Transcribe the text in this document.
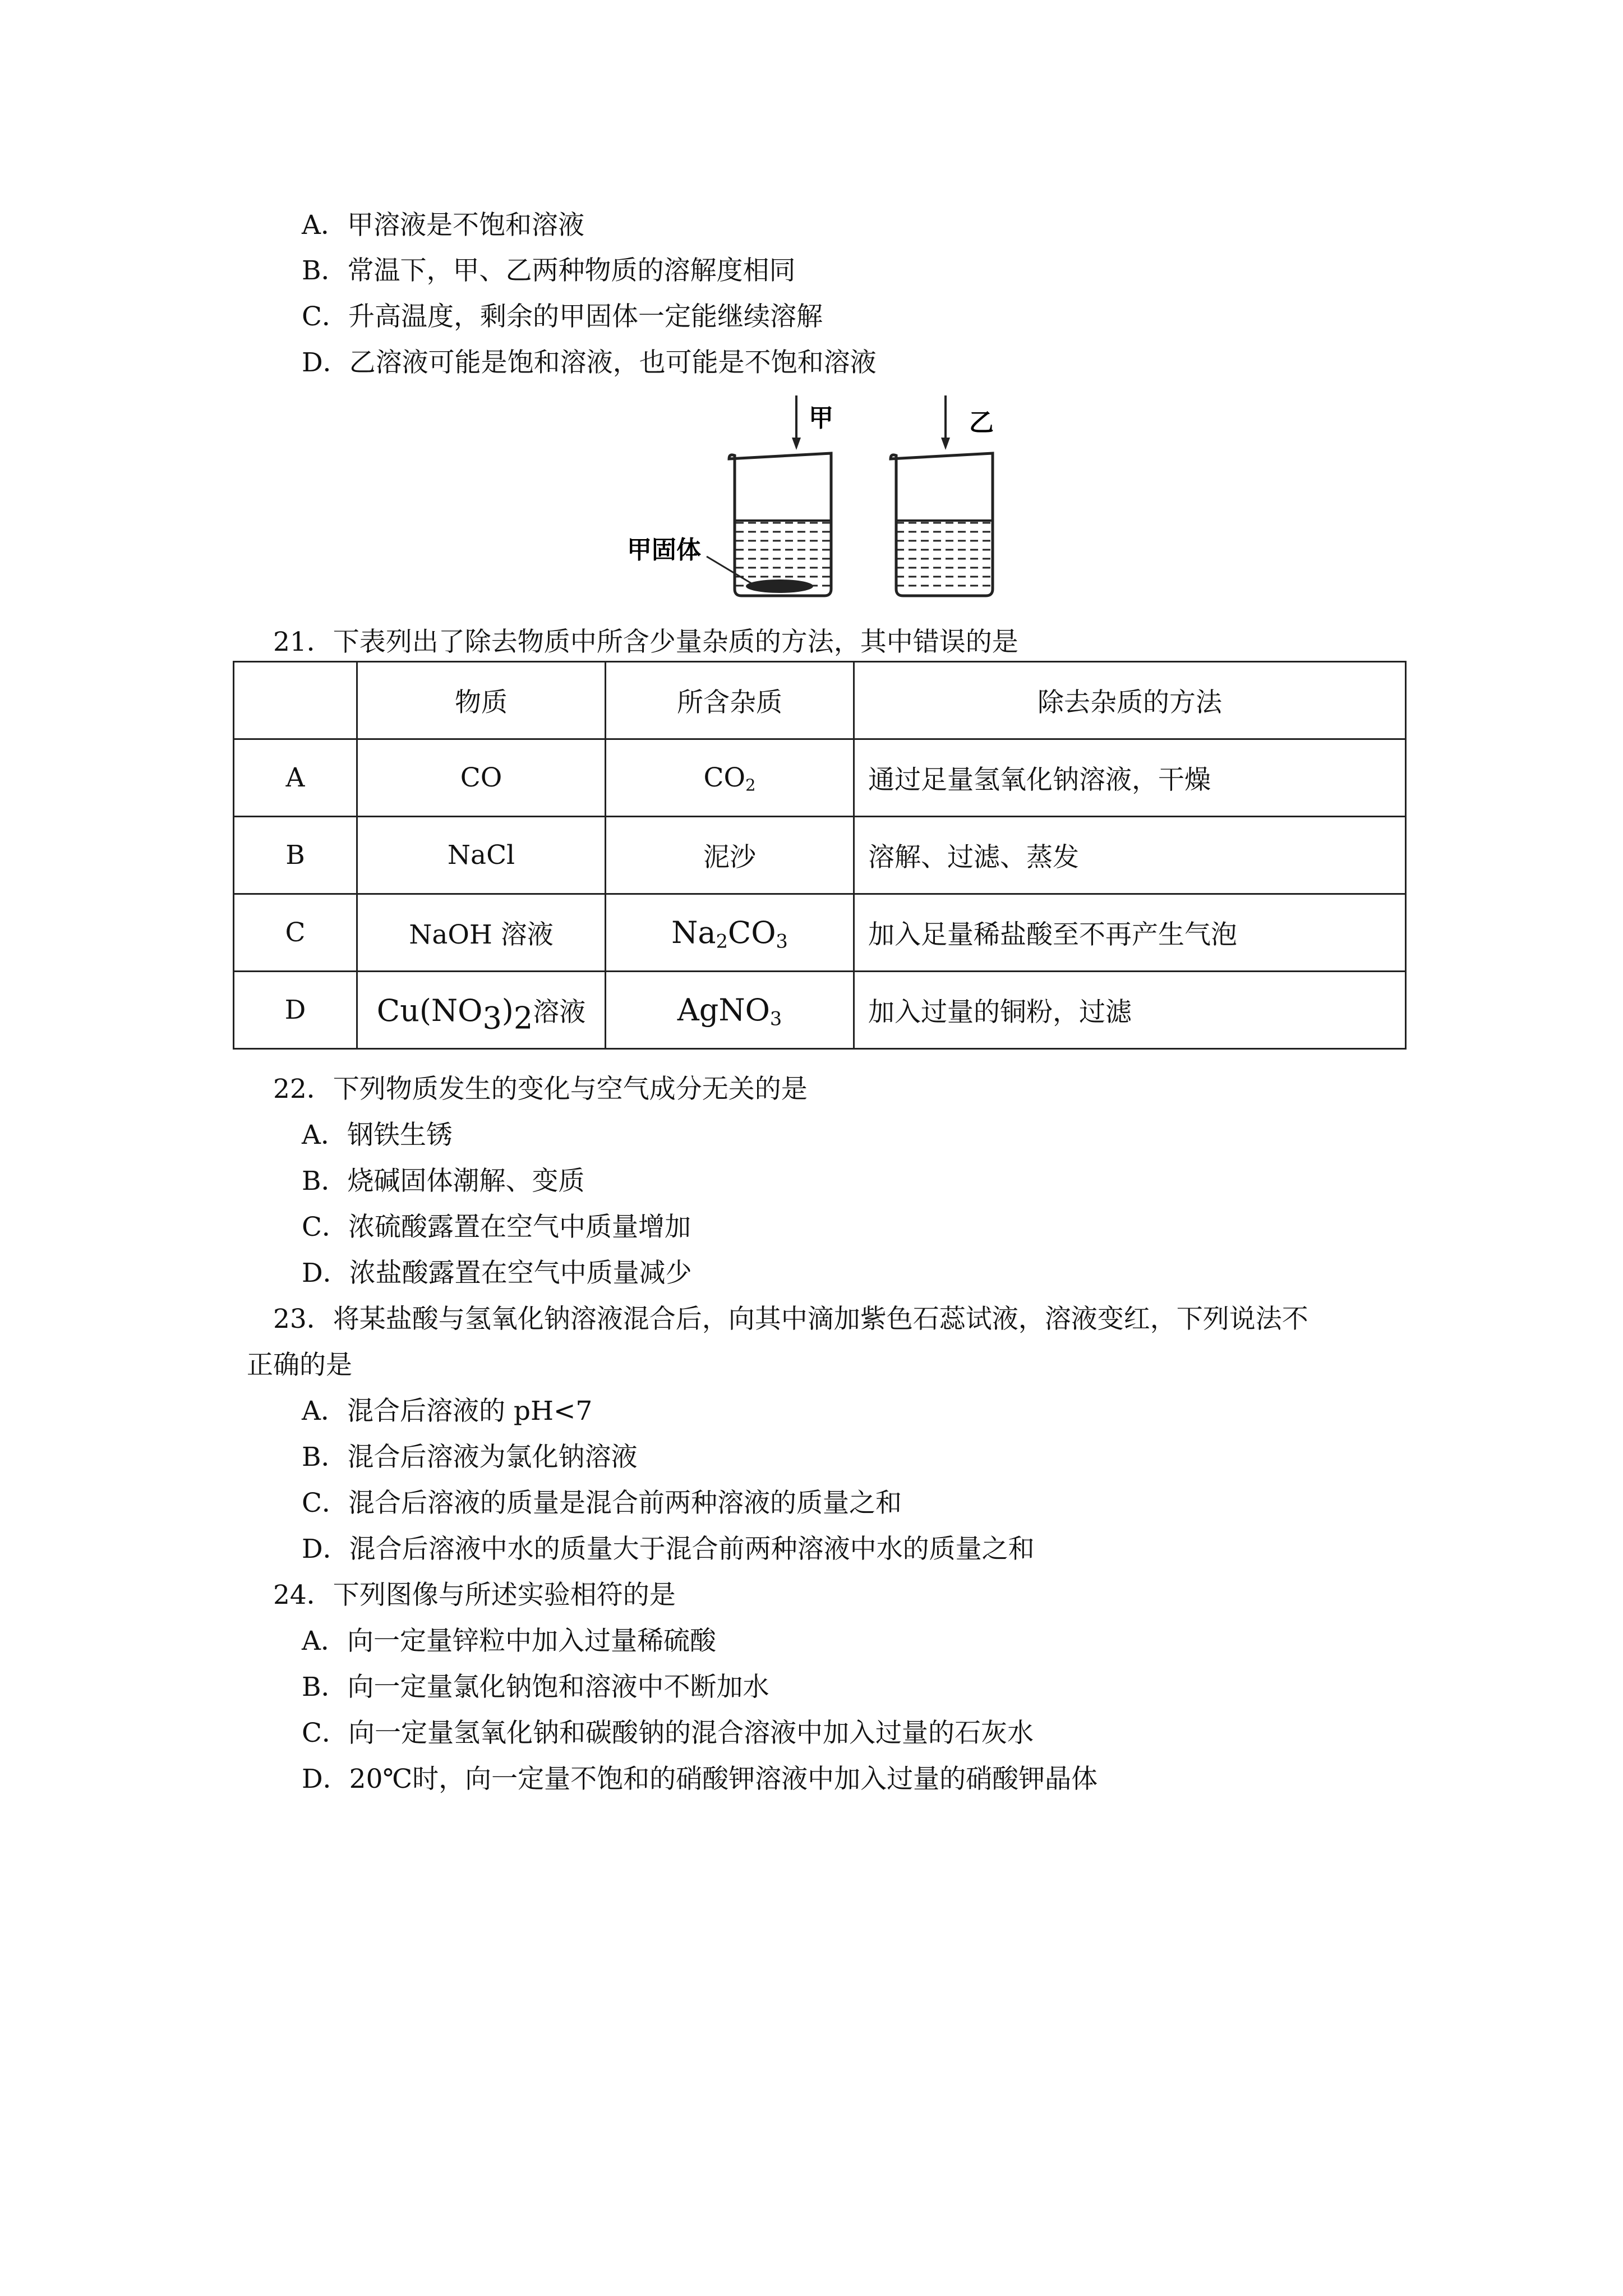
A．甲溶液是不饱和溶液
B．常温下，甲、乙两种物质的溶解度相同
C．升高温度，剩余的甲固体一定能继续溶解
D．乙溶液可能是饱和溶液，也可能是不饱和溶液
甲	乙
甲固体
21．下表列出了除去物质中所含少量杂质的方法，其中错误的是
	物质	所含杂质	除去杂质的方法
A	CO	$CO_2$	通过足量氢氧化钠溶液，干燥
B	NaCl	泥沙	溶解、过滤、蒸发
C	NaOH 溶液	$Na_2CO_3$	加入足量稀盐酸至不再产生气泡
D	$Cu(NO_3)_2$溶液	AgNO$_3$	加入过量的铜粉，过滤
22．下列物质发生的变化与空气成分无关的是
A．钢铁生锈
B．烧碱固体潮解、变质
C．浓硫酸露置在空气中质量增加
D．浓盐酸露置在空气中质量减少
23．将某盐酸与氢氧化钠溶液混合后，向其中滴加紫色石蕊试液，溶液变红，下列说法不
正确的是
A．混合后溶液的 pH<7
B．混合后溶液为氯化钠溶液
C．混合后溶液的质量是混合前两种溶液的质量之和
D．混合后溶液中水的质量大于混合前两种溶液中水的质量之和
24．下列图像与所述实验相符的是
A．向一定量锌粒中加入过量稀硫酸
B．向一定量氯化钠饱和溶液中不断加水
C．向一定量氢氧化钠和碳酸钠的混合溶液中加入过量的石灰水
D．20℃时，向一定量不饱和的硝酸钾溶液中加入过量的硝酸钾晶体
